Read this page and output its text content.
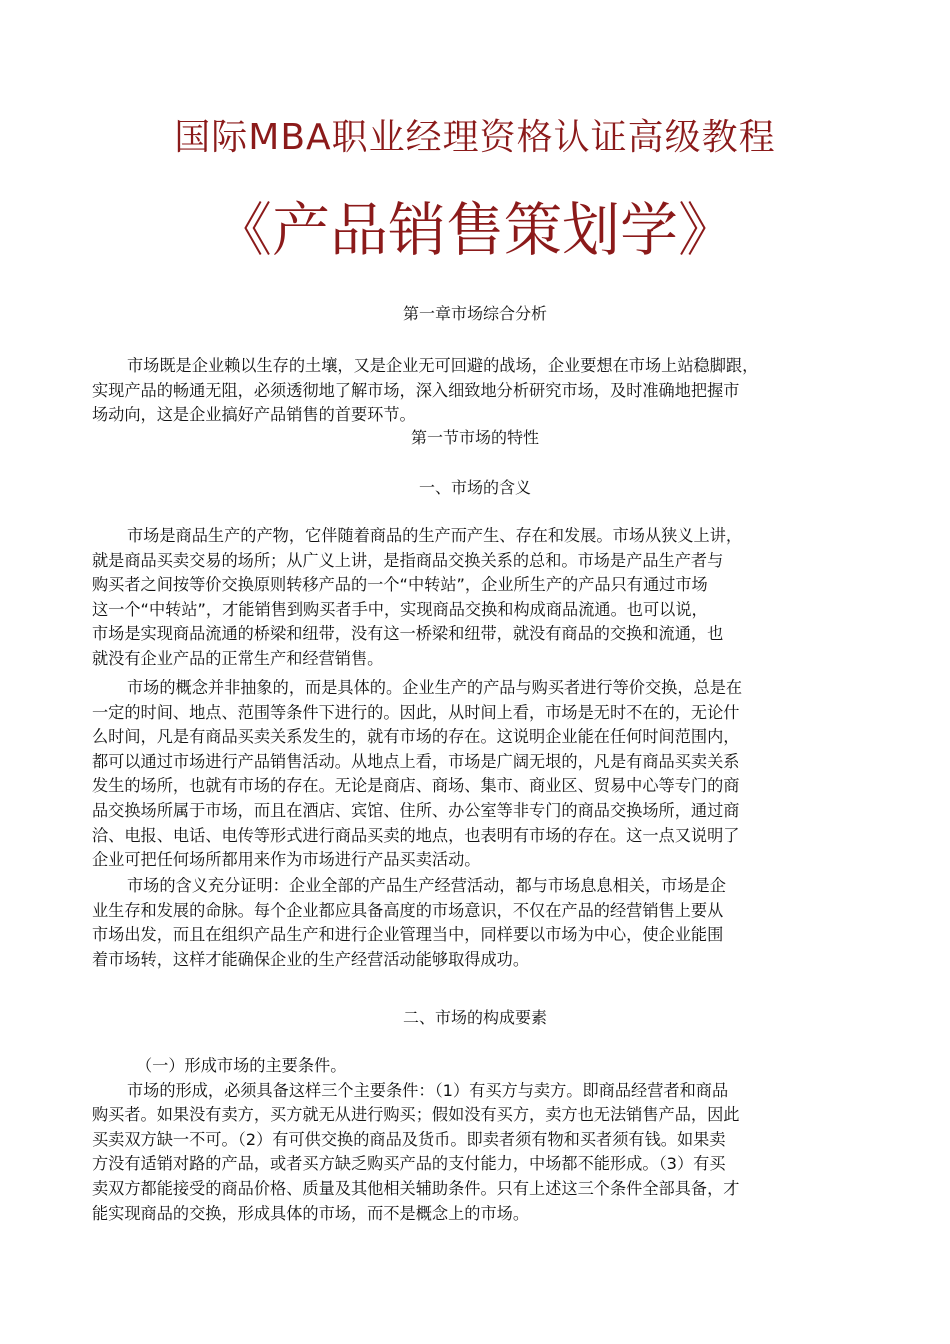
国际MBA职业经理资格认证高级教程
《产品销售策划学》
第一章市场综合分析
市场既是企业赖以生存的土壤，又是企业无可回避的战场，企业要想在市场上站稳脚跟，
实现产品的畅通无阻，必须透彻地了解市场，深入细致地分析研究市场，及时准确地把握市
场动向，这是企业搞好产品销售的首要环节。
第一节市场的特性
一、市场的含义
市场是商品生产的产物，它伴随着商品的生产而产生、存在和发展。市场从狭义上讲，
就是商品买卖交易的场所；从广义上讲，是指商品交换关系的总和。市场是产品生产者与
购买者之间按等价交换原则转移产品的一个“中转站”，企业所生产的产品只有通过市场
这一个“中转站”，才能销售到购买者手中，实现商品交换和构成商品流通。也可以说，
市场是实现商品流通的桥梁和纽带，没有这一桥梁和纽带，就没有商品的交换和流通，也
就没有企业产品的正常生产和经营销售。
市场的概念并非抽象的，而是具体的。企业生产的产品与购买者进行等价交换，总是在
一定的时间、地点、范围等条件下进行的。因此，从时间上看，市场是无时不在的，无论什
么时间，凡是有商品买卖关系发生的，就有市场的存在。这说明企业能在任何时间范围内，
都可以通过市场进行产品销售活动。从地点上看，市场是广阔无垠的，凡是有商品买卖关系
发生的场所，也就有市场的存在。无论是商店、商场、集市、商业区、贸易中心等专门的商
品交换场所属于市场，而且在酒店、宾馆、住所、办公室等非专门的商品交换场所，通过商
洽、电报、电话、电传等形式进行商品买卖的地点，也表明有市场的存在。这一点又说明了
企业可把任何场所都用来作为市场进行产品买卖活动。
市场的含义充分证明：企业全部的产品生产经营活动，都与市场息息相关，市场是企
业生存和发展的命脉。每个企业都应具备高度的市场意识，不仅在产品的经营销售上要从
市场出发，而且在组织产品生产和进行企业管理当中，同样要以市场为中心，使企业能围
着市场转，这样才能确保企业的生产经营活动能够取得成功。
二、市场的构成要素
（一）形成市场的主要条件。
市场的形成，必须具备这样三个主要条件：（1）有买方与卖方。即商品经营者和商品
购买者。如果没有卖方，买方就无从进行购买；假如没有买方，卖方也无法销售产品，因此
买卖双方缺一不可。（2）有可供交换的商品及货币。即卖者须有物和买者须有钱。如果卖
方没有适销对路的产品，或者买方缺乏购买产品的支付能力，中场都不能形成。（3）有买
卖双方都能接受的商品价格、质量及其他相关辅助条件。只有上述这三个条件全部具备，才
能实现商品的交换，形成具体的市场，而不是概念上的市场。
